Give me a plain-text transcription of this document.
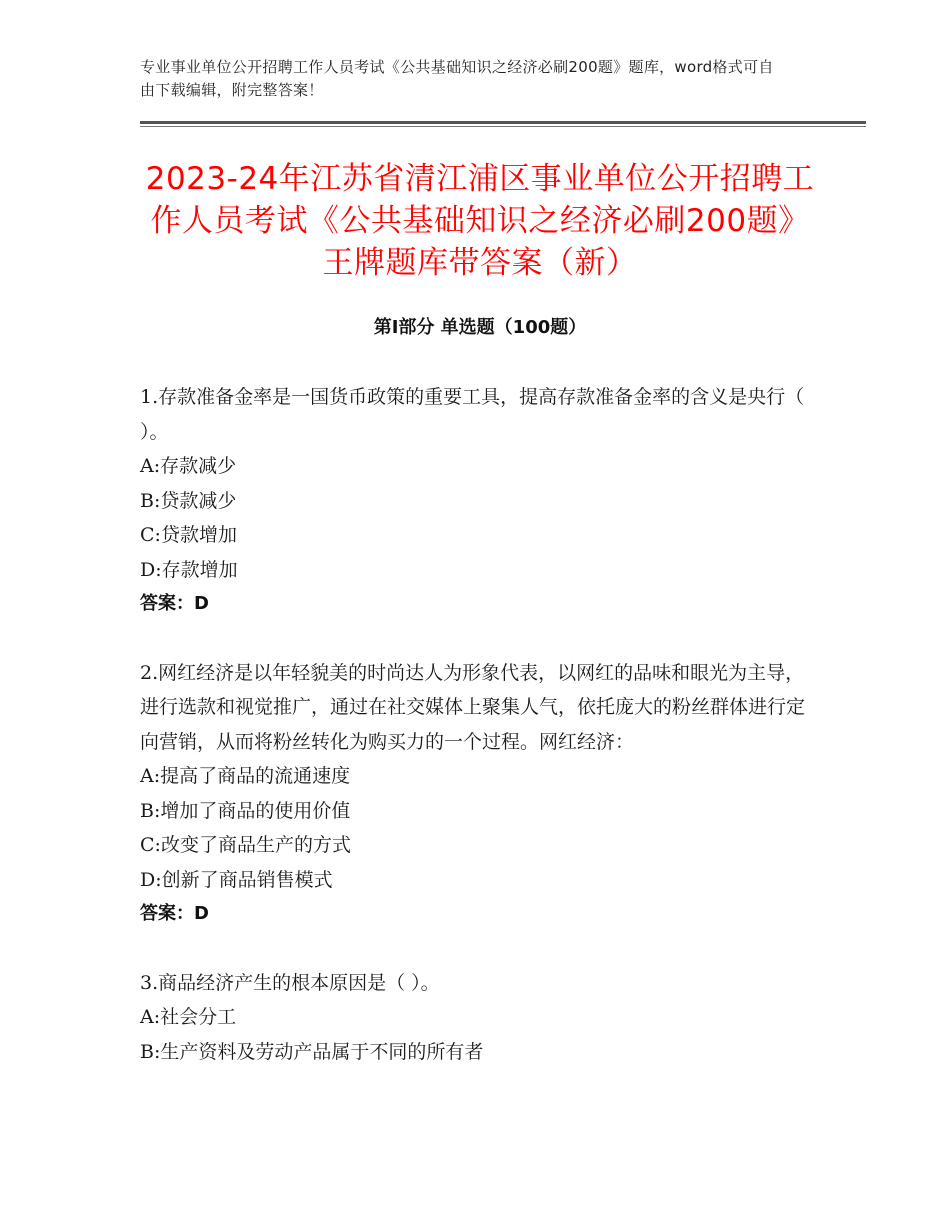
专业事业单位公开招聘工作人员考试《公共基础知识之经济必刷200题》题库，word格式可自由下载编辑，附完整答案！
2023-24年江苏省清江浦区事业单位公开招聘工作人员考试《公共基础知识之经济必刷200题》王牌题库带答案（新）
第Ⅰ部分 单选题（100题）

1.存款准备金率是一国货币政策的重要工具，提高存款准备金率的含义是央行（ ）。

A:存款减少

B:贷款减少

C:贷款增加

D:存款增加

答案：D

2.网红经济是以年轻貌美的时尚达人为形象代表，以网红的品味和眼光为主导，进行选款和视觉推广，通过在社交媒体上聚集人气，依托庞大的粉丝群体进行定向营销，从而将粉丝转化为购买力的一个过程。网红经济：

A:提高了商品的流通速度

B:增加了商品的使用价值

C:改变了商品生产的方式

D:创新了商品销售模式

答案：D

3.商品经济产生的根本原因是（ ）。

A:社会分工

B:生产资料及劳动产品属于不同的所有者
